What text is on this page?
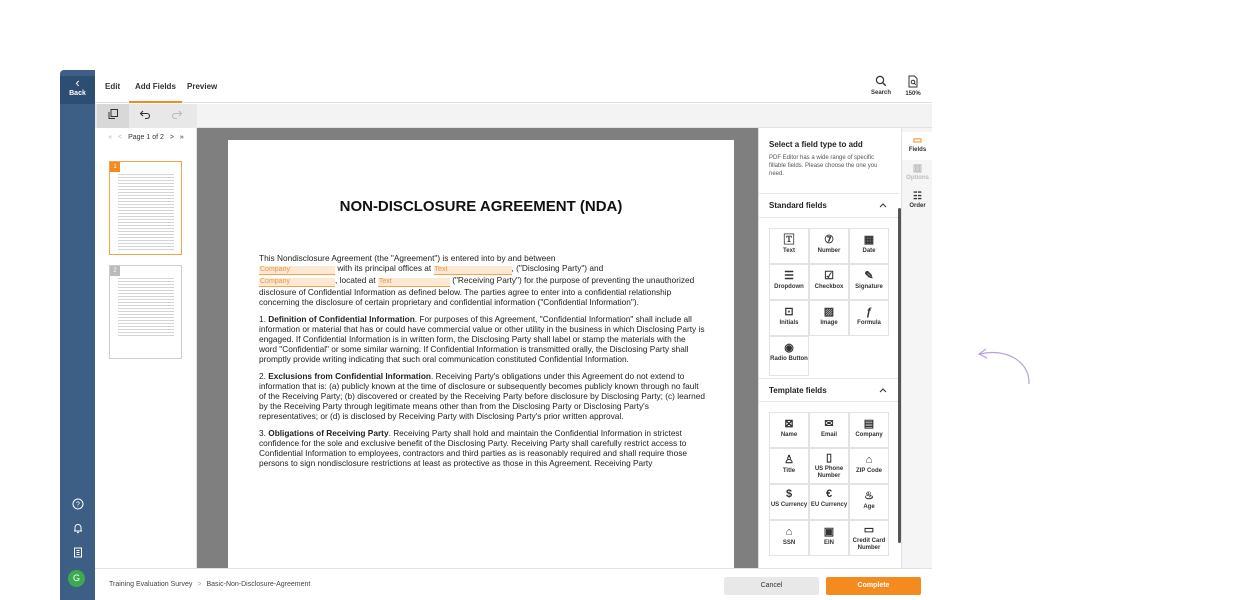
‹
Back
?
G
Edit	Add Fields	Preview
Search	150%
« < Page 1 of 2 > »
1
2
NON-DISCLOSURE AGREEMENT (NDA)

This Nondisclosure Agreement (the "Agreement") is entered into by and between
Company	with its principal offices at Text	, ("Disclosing Party") and
Company	, located at Text	("Receiving Party") for the purpose of preventing the unauthorized disclosure of Confidential Information as defined below. The parties agree to enter into a confidential relationship concerning the disclosure of certain proprietary and confidential information ("Confidential Information").

1. Definition of Confidential Information. For purposes of this Agreement, "Confidential Information" shall include all information or material that has or could have commercial value or other utility in the business in which Disclosing Party is engaged. If Confidential Information is in written form, the Disclosing Party shall label or stamp the materials with the word "Confidential" or some similar warning. If Confidential Information is transmitted orally, the Disclosing Party shall promptly provide writing indicating that such oral communication constituted Confidential Information.

2. Exclusions from Confidential Information. Receiving Party's obligations under this Agreement do not extend to information that is: (a) publicly known at the time of disclosure or subsequently becomes publicly known through no fault of the Receiving Party; (b) discovered or created by the Receiving Party before disclosure by Disclosing Party; (c) learned by the Receiving Party through legitimate means other than from the Disclosing Party or Disclosing Party's representatives; or (d) is disclosed by Receiving Party with Disclosing Party's prior written approval.

3. Obligations of Receiving Party. Receiving Party shall hold and maintain the Confidential Information in strictest confidence for the sole and exclusive benefit of the Disclosing Party. Receiving Party shall carefully restrict access to Confidential Information to employees, contractors and third parties as is reasonably required and shall require those persons to sign nondisclosure restrictions at least as protective as those in this Agreement. Receiving Party

Select a field type to add
PDF Editor has a wide range of specific fillable fields. Please choose the one you need.
Standard fields
🅃
Text
⑦
Number
▦
Date
☰
Dropdown
☑
Checkbox
✎
Signature
⊡
Initials
▨
Image
ƒ
Formula
◉
Radio Button
Template fields
⊠
Name
✉
Email
▤
Company
♙
Title
▯
US Phone Number
⌂
ZIP Code
$
US Currency
€
EU Currency
♨
Age
⌂
SSN
▣
EIN
▭
Credit Card Number
▭
Fields
▥
Options
☷
Order
Training Evaluation Survey > Basic-Non-Disclosure-Agreement	Cancel	Complete
